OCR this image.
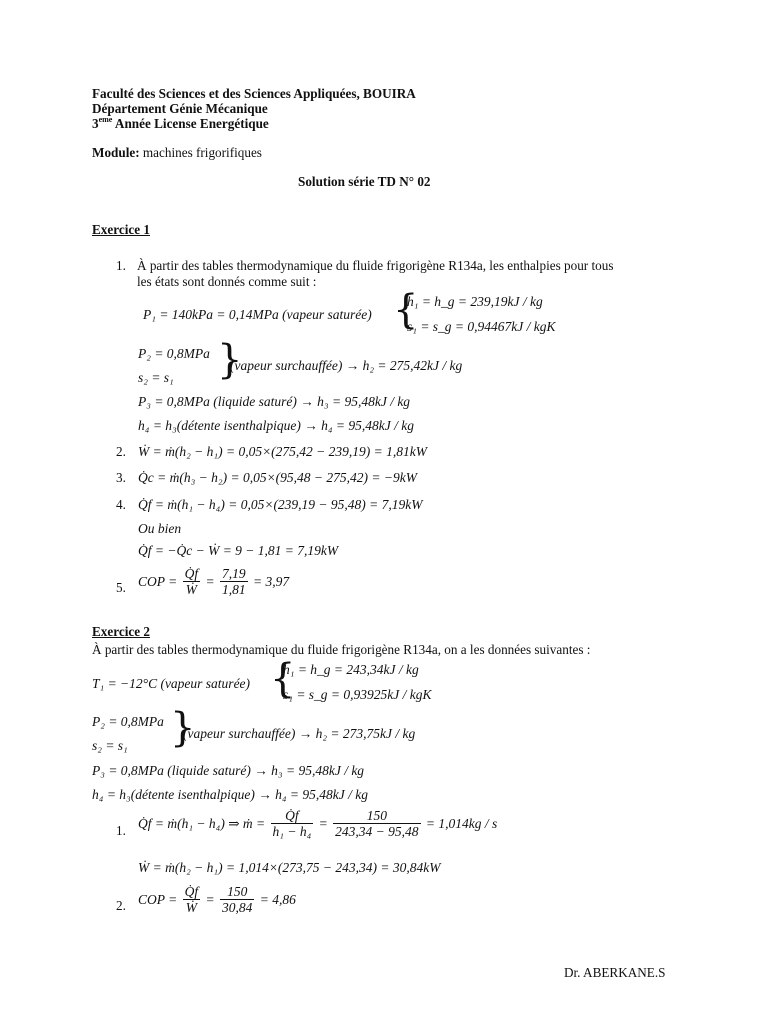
Faculté des Sciences et des Sciences Appliquées, BOUIRA
Département Génie Mécanique
3eme Année License Energétique
Module: machines frigorifiques
Solution série TD N° 02
Exercice 1
1. À partir des tables thermodynamique du fluide frigorigène R134a, les enthalpies pour tous
les états sont donnés comme suit :
P₁ = 140kPa = 0,14MPa (vapeur saturée) {
h₁ = h_g = 239,19kJ / kg
s₁ = s_g = 0,94467kJ / kgK
P₂ = 0,8MPa
s₂ = s₁ }
(vapeur surchauffée) → h₂ = 275,42kJ / kg
P₃ = 0,8MPa (liquide saturé) → h₃ = 95,48kJ / kg
h₄ = h₃(détente isenthalpique) → h₄ = 95,48kJ / kg
2. Ẇ = ṁ(h₂ − h₁) = 0,05×(275,42 − 239,19) = 1,81kW
3. Q̇c = ṁ(h₃ − h₂) = 0,05×(95,48 − 275,42) = −9kW
4. Q̇f = ṁ(h₁ − h₄) = 0,05×(239,19 − 95,48) = 7,19kW
Ou bien
Q̇f = −Q̇c − Ẇ = 9 − 1,81 = 7,19kW
5. COP = $\frac{Q̇f}{\text{Ẇ}} = \frac{7,19}{1,81} = 3,97$
Exercice 2
À partir des tables thermodynamique du fluide frigorigène R134a, on a les données suivantes :
T₁ = −12°C (vapeur saturée) {
h₁ = h_g = 243,34kJ / kg
s₁ = s_g = 0,93925kJ / kgK
P₂ = 0,8MPa
s₂ = s₁ }
(vapeur surchauffée) → h₂ = 273,75kJ / kg
P₃ = 0,8MPa (liquide saturé) → h₃ = 95,48kJ / kg
h₄ = h₃(détente isenthalpique) → h₄ = 95,48kJ / kg
1. Q̇f = ṁ(h₁ − h₄) ⇒ ṁ = $\frac{Q̇f}{\text{h₁ − h₄}} = \frac{150}{243,34 - 95,48} = 1,014kg / s$
Ẇ = ṁ(h₂ − h₁) = 1,014×(273,75 − 243,34) = 30,84kW
2. COP = $\frac{Q̇f}{\text{Ẇ}} = \frac{150}{30,84} = 4,86$
Dr. ABERKANE.S
